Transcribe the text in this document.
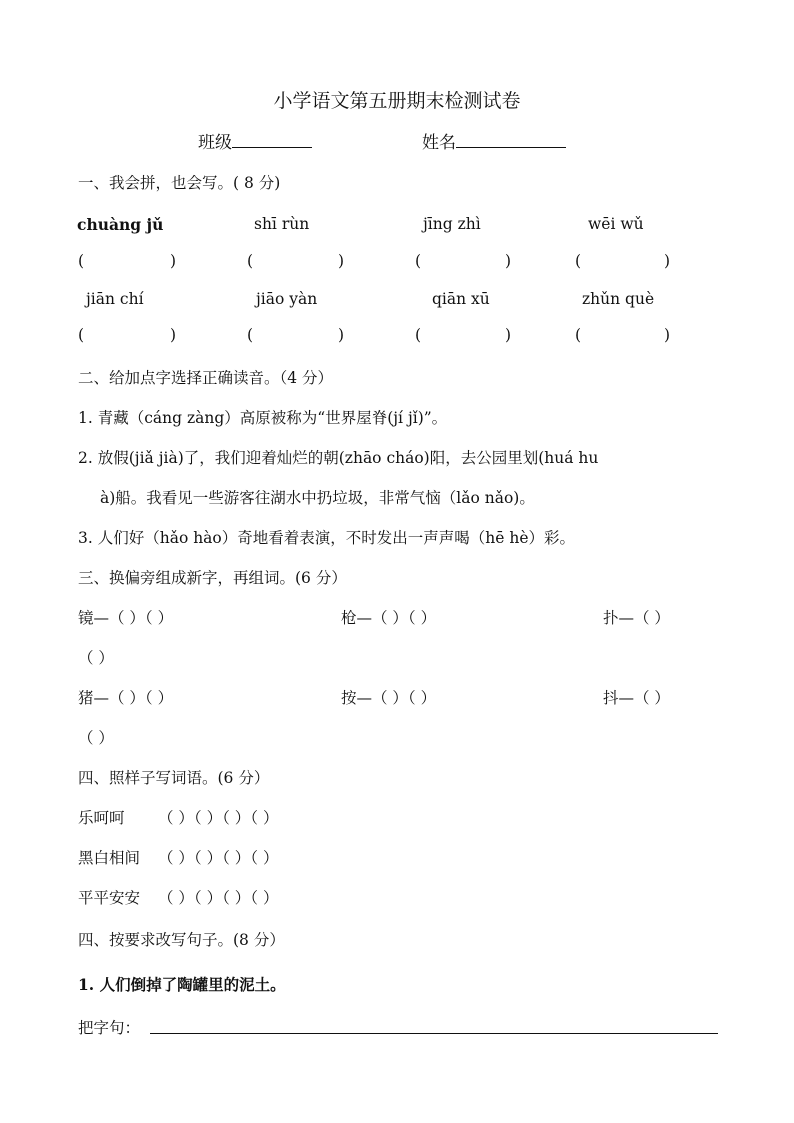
小学语文第五册期末检测试卷
班级	姓名
一、我会拼，也会写。( 8 分)
chuàng jǔ	shī rùn	jīng zhì	wēi wǔ
(	)	(	)	(	)	(	)
jiān chí	jiāo yàn	qiān xū	zhǔn què
(	)	(	)	(	)	(	)
二、给加点字选择正确读音。（4 分）
1. 青藏（cáng zàng）高原被称为“世界屋脊(jí jǐ)”。
2. 放假(jiǎ jià)了，我们迎着灿烂的朝(zhāo cháo)阳，去公园里划(huá hu
à)船。我看见一些游客往湖水中扔垃圾，非常气恼（lǎo nǎo)。
3. 人们好（hǎo hào）奇地看着表演，不时发出一声声喝（hē hè）彩。
三、换偏旁组成新字，再组词。(6 分）
镜—（ ）（ ）	枪—（ ）（ ）	扑—（ ）
（ ）
猪—（ ）（ ）	按—（ ）（ ）	抖—（ ）
（ ）
四、照样子写词语。(6 分）
乐呵呵 （ ）（ ）（ ）（ ）
黑白相间 （ ）（ ）（ ）（ ）
平平安安 （ ）（ ）（ ）（ ）
四、按要求改写句子。(8 分）
1. 人们倒掉了陶罐里的泥土。
把字句：
